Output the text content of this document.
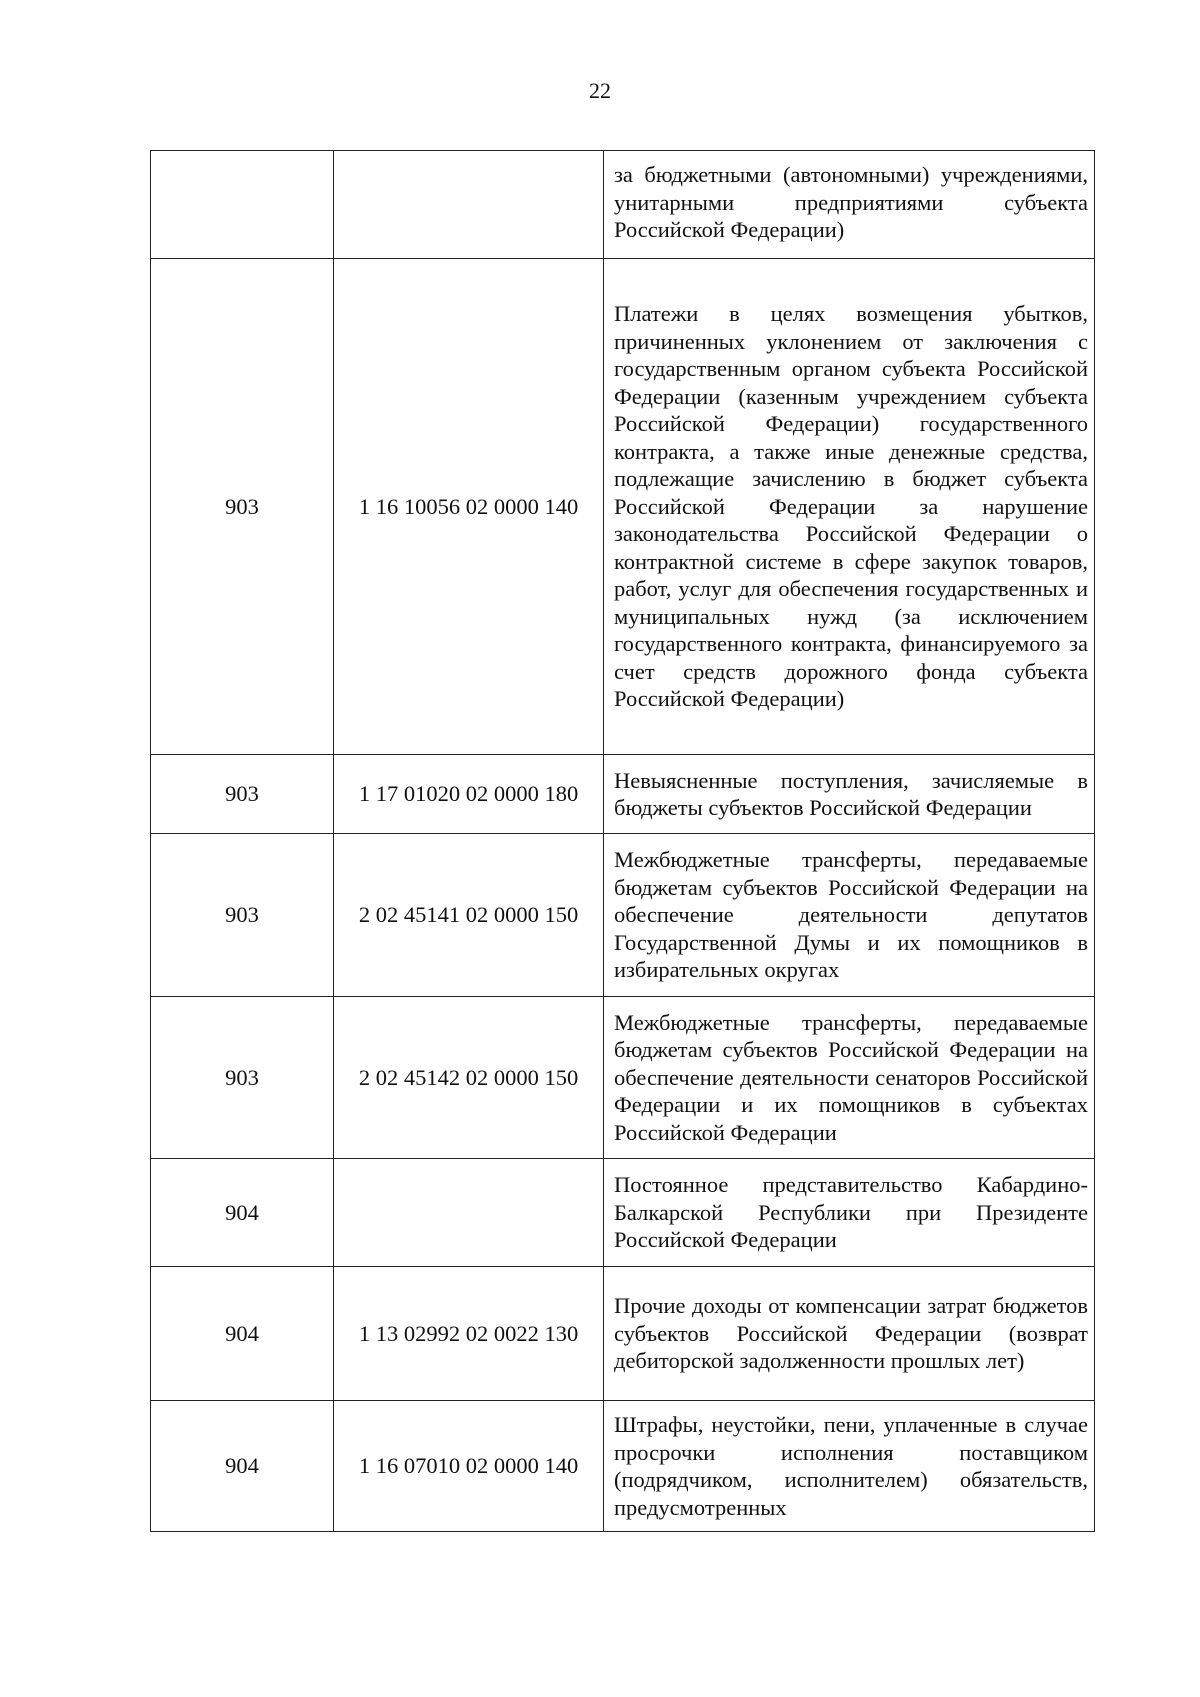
22
		за бюджетными (автономными) учреждениями, унитарными предприятиями субъекта Российской Федерации)
903	1 16 10056 02 0000 140	Платежи в целях возмещения убытков, причиненных уклонением от заключения с государственным органом субъекта Российской Федерации (казенным учреждением субъекта Российской Федерации) государственного контракта, а также иные денежные средства, подлежащие зачислению в бюджет субъекта Российской Федерации за нарушение законодательства Российской Федерации о контрактной системе в сфере закупок товаров, работ, услуг для обеспечения государственных и муниципальных нужд (за исключением государственного контракта, финансируемого за счет средств дорожного фонда субъекта Российской Федерации)
903	1 17 01020 02 0000 180	Невыясненные поступления, зачисляемые в бюджеты субъектов Российской Федерации
903	2 02 45141 02 0000 150	Межбюджетные трансферты, передаваемые бюджетам субъектов Российской Федерации на обеспечение деятельности депутатов Государственной Думы и их помощников в избирательных округах
903	2 02 45142 02 0000 150	Межбюджетные трансферты, передаваемые бюджетам субъектов Российской Федерации на обеспечение деятельности сенаторов Российской Федерации и их помощников в субъектах Российской Федерации
904		Постоянное представительство Кабардино-Балкарской Республики при Президенте Российской Федерации
904	1 13 02992 02 0022 130	Прочие доходы от компенсации затрат бюджетов субъектов Российской Федерации (возврат дебиторской задолженности прошлых лет)
904	1 16 07010 02 0000 140	Штрафы, неустойки, пени, уплаченные в случае просрочки исполнения поставщиком (подрядчиком, исполнителем) обязательств, предусмотренных
